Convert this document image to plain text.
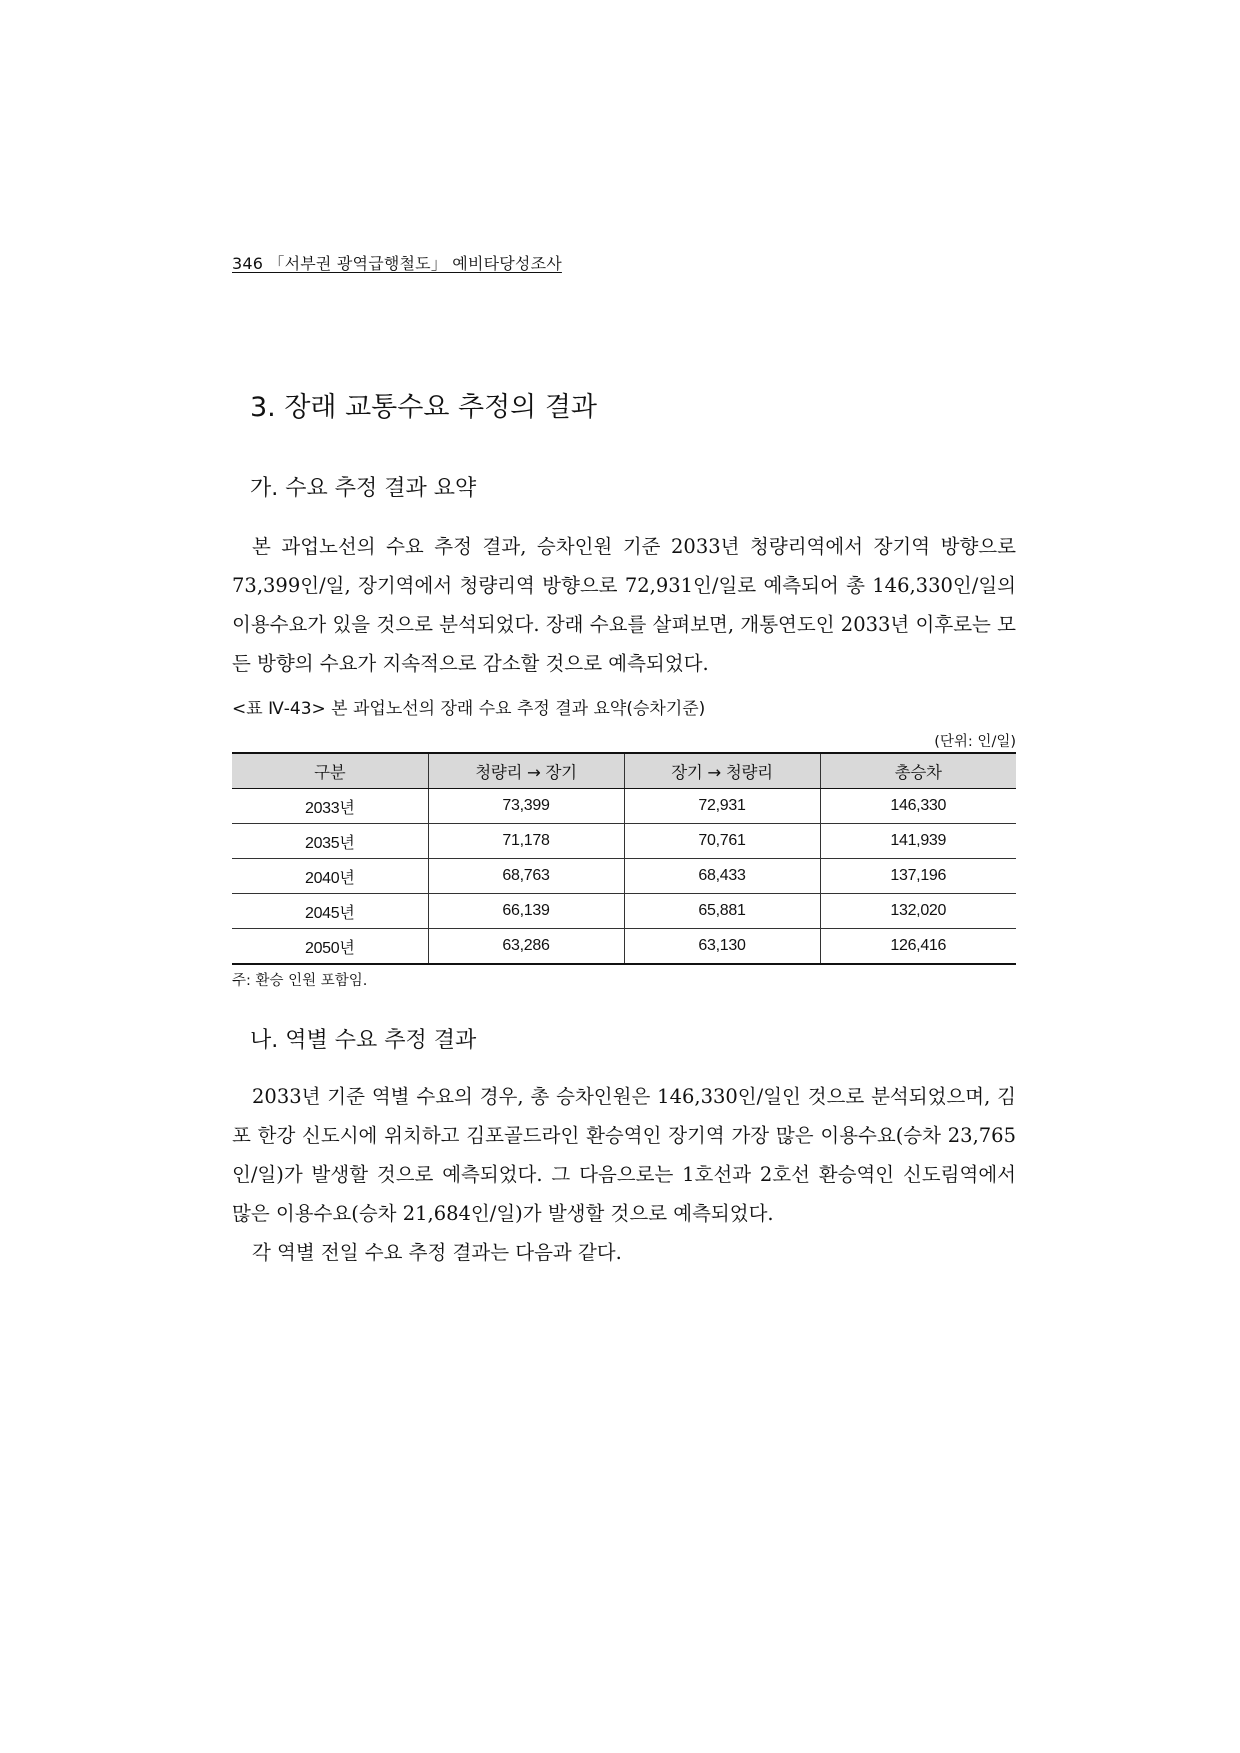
346 「서부권 광역급행철도」 예비타당성조사
3. 장래 교통수요 추정의 결과
가. 수요 추정 결과 요약

본 과업노선의 수요 추정 결과, 승차인원 기준 2033년 청량리역에서 장기역 방향으로 73,399인/일, 장기역에서 청량리역 방향으로 72,931인/일로 예측되어 총 146,330인/일의 이용수요가 있을 것으로 분석되었다. 장래 수요를 살펴보면, 개통연도인 2033년 이후로는 모든 방향의 수요가 지속적으로 감소할 것으로 예측되었다.

<표 Ⅳ-43> 본 과업노선의 장래 수요 추정 결과 요약(승차기준)
(단위: 인/일)
구분	청량리 → 장기	장기 → 청량리	총승차
2033년	73,399	72,931	146,330
2035년	71,178	70,761	141,939
2040년	68,763	68,433	137,196
2045년	66,139	65,881	132,020
2050년	63,286	63,130	126,416
주: 환승 인원 포함임.
나. 역별 수요 추정 결과

2033년 기준 역별 수요의 경우, 총 승차인원은 146,330인/일인 것으로 분석되었으며, 김포 한강 신도시에 위치하고 김포골드라인 환승역인 장기역 가장 많은 이용수요(승차 23,765인/일)가 발생할 것으로 예측되었다. 그 다음으로는 1호선과 2호선 환승역인 신도림역에서 많은 이용수요(승차 21,684인/일)가 발생할 것으로 예측되었다.

각 역별 전일 수요 추정 결과는 다음과 같다.
